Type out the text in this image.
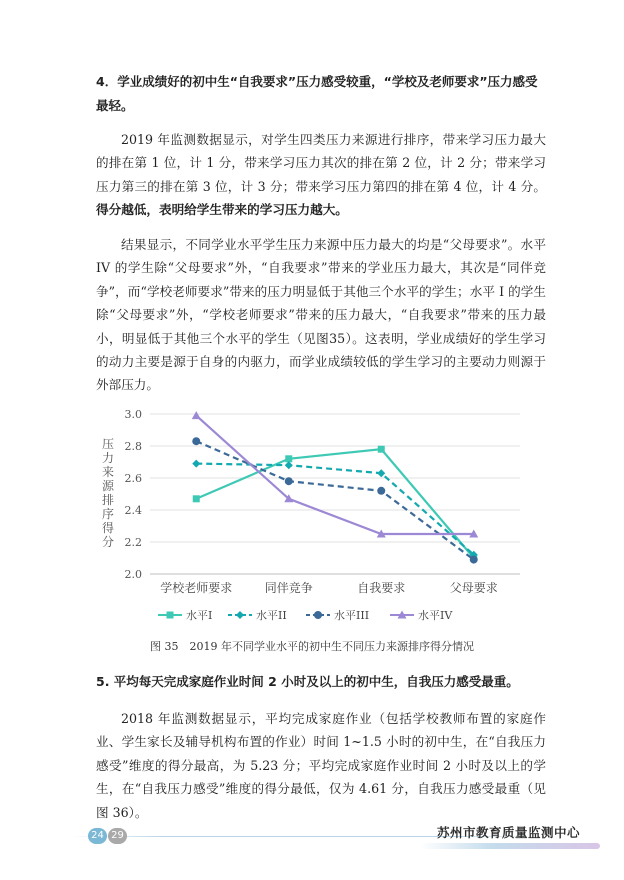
4．学业成绩好的初中生“自我要求”压力感受较重，“学校及老师要求”压力感受最轻。
2019 年监测数据显示，对学生四类压力来源进行排序，带来学习压力最大的排在第 1 位，计 1 分，带来学习压力其次的排在第 2 位，计 2 分；带来学习压力第三的排在第 3 位，计 3 分；带来学习压力第四的排在第 4 位，计 4 分。得分越低，表明给学生带来的学习压力越大。
结果显示，不同学业水平学生压力来源中压力最大的均是“父母要求”。水平 IV 的学生除“父母要求”外，“自我要求”带来的学业压力最大，其次是“同伴竞争”，而“学校老师要求”带来的压力明显低于其他三个水平的学生；水平 I 的学生除“父母要求”外，“学校老师要求”带来的压力最大，“自我要求”带来的压力最小，明显低于其他三个水平的学生（见图35）。这表明，学业成绩好的学生学习的动力主要是源于自身的内驱力，而学业成绩较低的学生学习的主要动力则源于外部压力。
2.0
2.2
2.4
2.6
2.8
3.0
压
力
来
源
排
序
得
分
学校老师要求	同伴竞争	自我要求	父母要求
水平I	水平II	水平III	水平IV
图 35　2019 年不同学业水平的初中生不同压力来源排序得分情况
5. 平均每天完成家庭作业时间 2 小时及以上的初中生，自我压力感受最重。
2018 年监测数据显示，平均完成家庭作业（包括学校教师布置的家庭作业、学生家长及辅导机构布置的作业）时间 1~1.5 小时的初中生，在“自我压力感受”维度的得分最高，为 5.23 分；平均完成家庭作业时间 2 小时及以上的学生，在“自我压力感受”维度的得分最低，仅为 4.61 分，自我压力感受最重（见图 36）。
24 29	苏州市教育质量监测中心
